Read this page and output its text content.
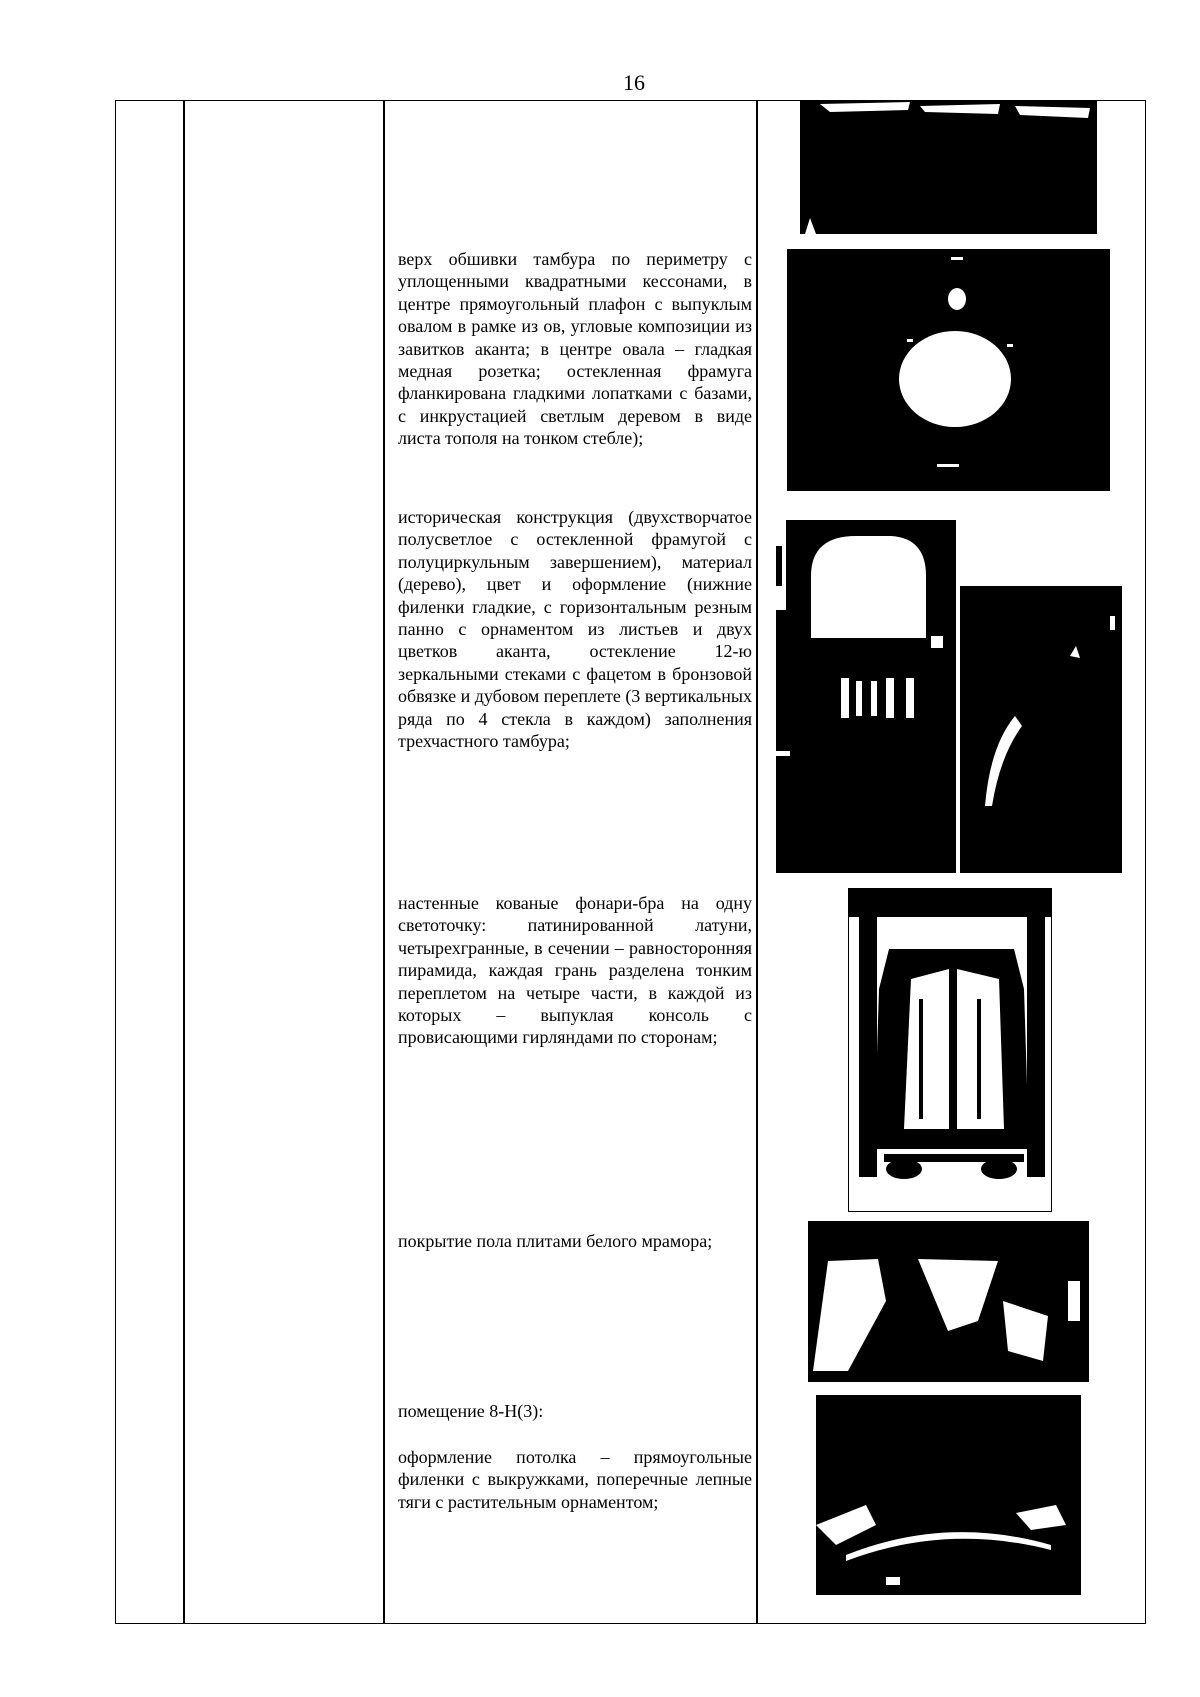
16
верх обшивки тамбура по периметру с уплощенными квадратными кессонами, в центре прямоугольный плафон с выпуклым овалом в рамке из ов, угловые композиции из завитков аканта; в центре овала – гладкая медная розетка; остекленная фрамуга фланкирована гладкими лопатками с базами, с инкрустацией светлым деревом в виде листа тополя на тонком стебле);
историческая конструкция (двухстворчатое полусветлое с остекленной фрамугой с полуциркульным завершением), материал (дерево), цвет и оформление (нижние филенки гладкие, с горизонтальным резным панно с орнаментом из листьев и двух цветков аканта, остекление 12-ю зеркальными стеками с фацетом в бронзовой обвязке и дубовом переплете (3 вертикальных ряда по 4 стекла в каждом) заполнения трехчастного тамбура;
настенные кованые фонари-бра на одну светоточку: патинированной латуни, четырехгранные, в сечении – равносторонняя пирамида, каждая грань разделена тонким переплетом на четыре части, в каждой из которых – выпуклая консоль с провисающими гирляндами по сторонам;
покрытие пола плитами белого мрамора;
помещение 8-Н(3):
оформление потолка – прямоугольные филенки с выкружками, поперечные лепные тяги с растительным орнаментом;
